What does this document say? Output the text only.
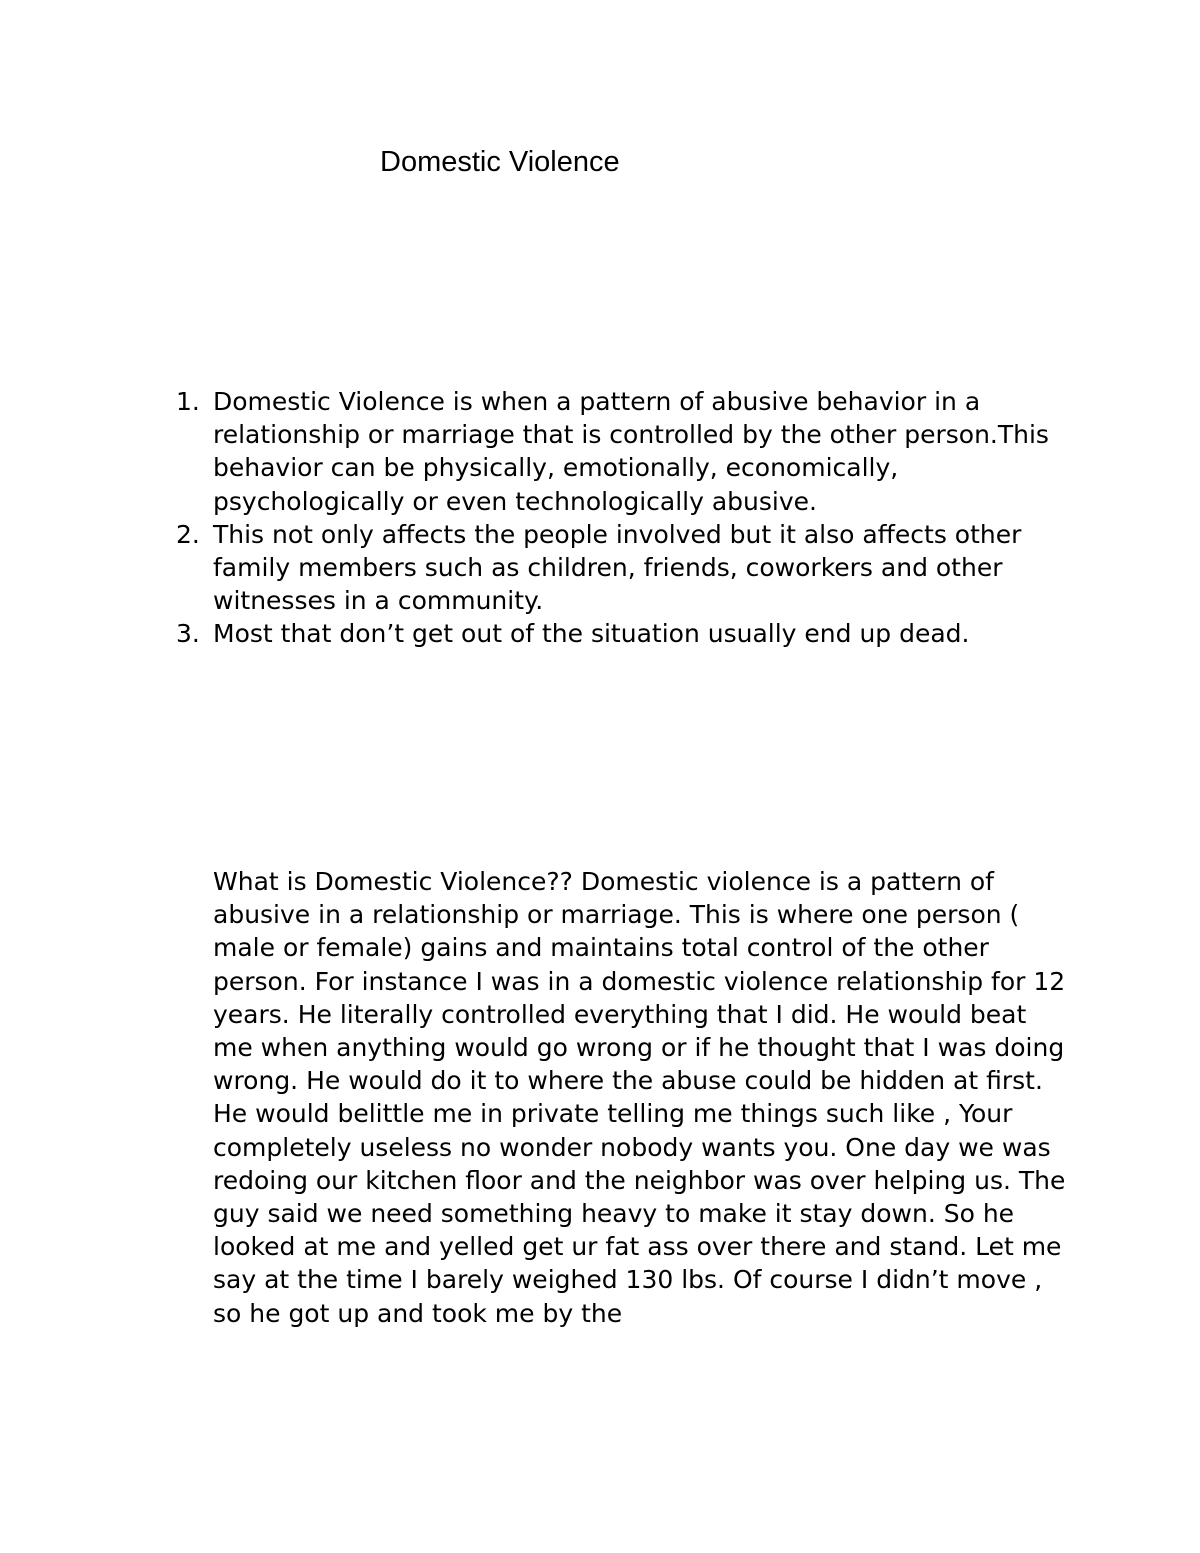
Domestic Violence
1. Domestic Violence is when a pattern of abusive behavior in a relationship or marriage that is controlled by the other person.This behavior can be physically, emotionally, economically, psychologically or even technologically abusive.
2. This not only affects the people involved but it also affects other family members such as children, friends, coworkers and other witnesses in a community.
3. Most that don’t get out of the situation usually end up dead.

What is Domestic Violence?? Domestic violence is a pattern of abusive in a relationship or marriage. This is where one person ( male or female) gains and maintains total control of the other person. For instance I was in a domestic violence relationship for 12 years. He literally controlled everything that I did. He would beat me when anything would go wrong or if he thought that I was doing wrong. He would do it to where the abuse could be hidden at first. He would belittle me in private telling me things such like , Your completely useless no wonder nobody wants you. One day we was redoing our kitchen floor and the neighbor was over helping us. The guy said we need something heavy to make it stay down. So he looked at me and yelled get ur fat ass over there and stand. Let me say at the time I barely weighed 130 lbs. Of course I didn’t move , so he got up and took me by the
